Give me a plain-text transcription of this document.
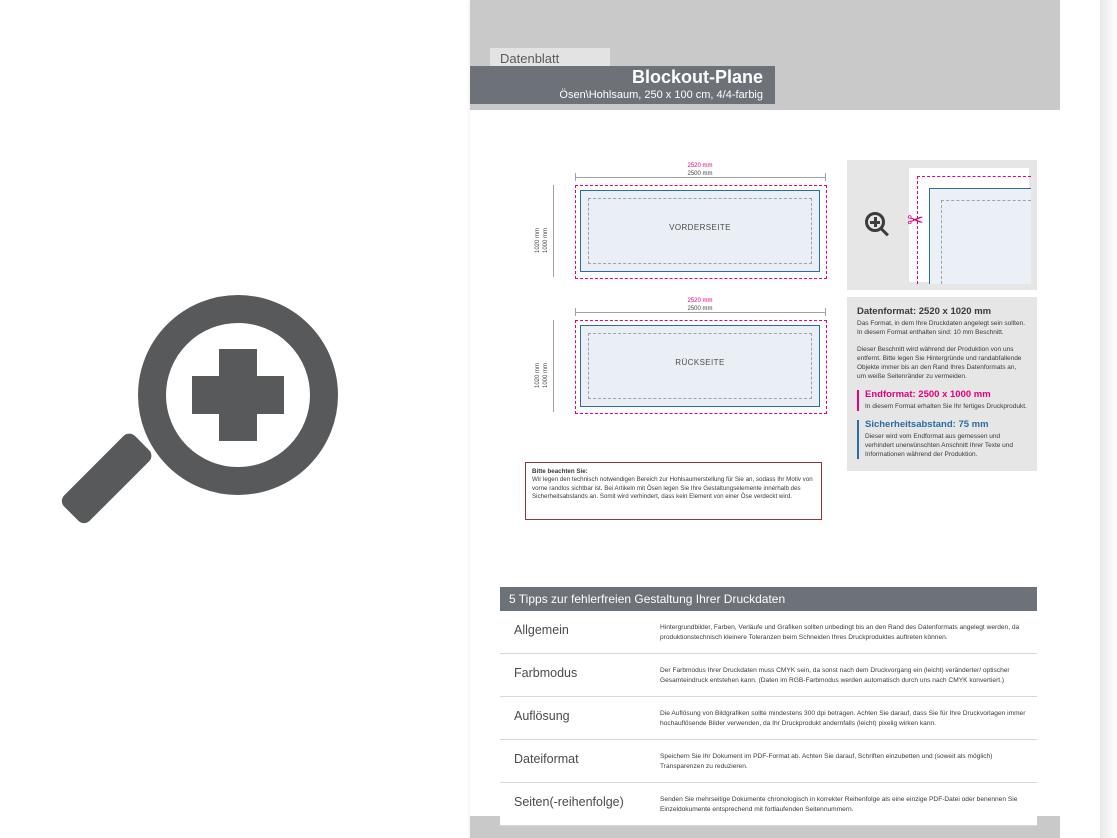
Datenblatt
Blockout-Plane
Ösen\Hohlsaum, 250 x 100 cm, 4/4-farbig
2520 mm
2500 mm
1020 mm 1000 mm
VORDERSEITE
2520 mm
2500 mm
1020 mm 1000 mm
RÜCKSEITE
Bitte beachten Sie:
Wir legen den technisch notwendigen Bereich zur Hohlsaumerstellung für Sie an, sodass Ihr Motiv von vorne randlos sichtbar ist. Bei Artikeln mit Ösen legen Sie Ihre Gestaltungselemente innerhalb des Sicherheitsabstands an. Somit wird verhindert, dass kein Element von einer Öse verdeckt wird.
✂
Datenformat: 2520 x 1020 mm
Das Format, in dem Ihre Druckdaten angelegt sein sollten. In diesem Format enthalten sind: 10 mm Beschnitt.
Dieser Beschnitt wird während der Produktion von uns entfernt. Bitte legen Sie Hintergründe und randabfallende Objekte immer bis an den Rand Ihres Datenformats an, um weiße Seitenränder zu vermeiden.
Endformat: 2500 x 1000 mm
In diesem Format erhalten Sie Ihr fertiges Druckprodukt.
Sicherheitsabstand: 75 mm
Dieser wird vom Endformat aus gemessen und verhindert unerwünschten Anschnitt Ihrer Texte und Informationen während der Produktion.
5 Tipps zur fehlerfreien Gestaltung Ihrer Druckdaten
Allgemein	Hintergrundbilder, Farben, Verläufe und Grafiken sollten unbedingt bis an den Rand des Datenformats angelegt werden, da produktionstechnisch kleinere Toleranzen beim Schneiden Ihres Druckproduktes auftreten können.
Farbmodus	Der Farbmodus Ihrer Druckdaten muss CMYK sein, da sonst nach dem Druckvorgang ein (leicht) veränderter/ optischer Gesamteindruck entstehen kann. (Daten im RGB-Farbmodus werden automatisch durch uns nach CMYK konvertiert.)
Auflösung	Die Auflösung von Bildgrafiken sollte mindestens 300 dpi betragen. Achten Sie darauf, dass Sie für Ihre Druckvorlagen immer hochauflösende Bilder verwenden, da Ihr Druckprodukt andernfalls (leicht) pixelig wirken kann.
Dateiformat	Speichern Sie Ihr Dokument im PDF-Format ab. Achten Sie darauf, Schriften einzubetten und (soweit als möglich) Transparenzen zu reduzieren.
Seiten(-reihenfolge)	Senden Sie mehrseitige Dokumente chronologisch in korrekter Reihenfolge als eine einzige PDF-Datei oder benennen Sie Einzeldokumente entsprechend mit fortlaufenden Seitennummern.
